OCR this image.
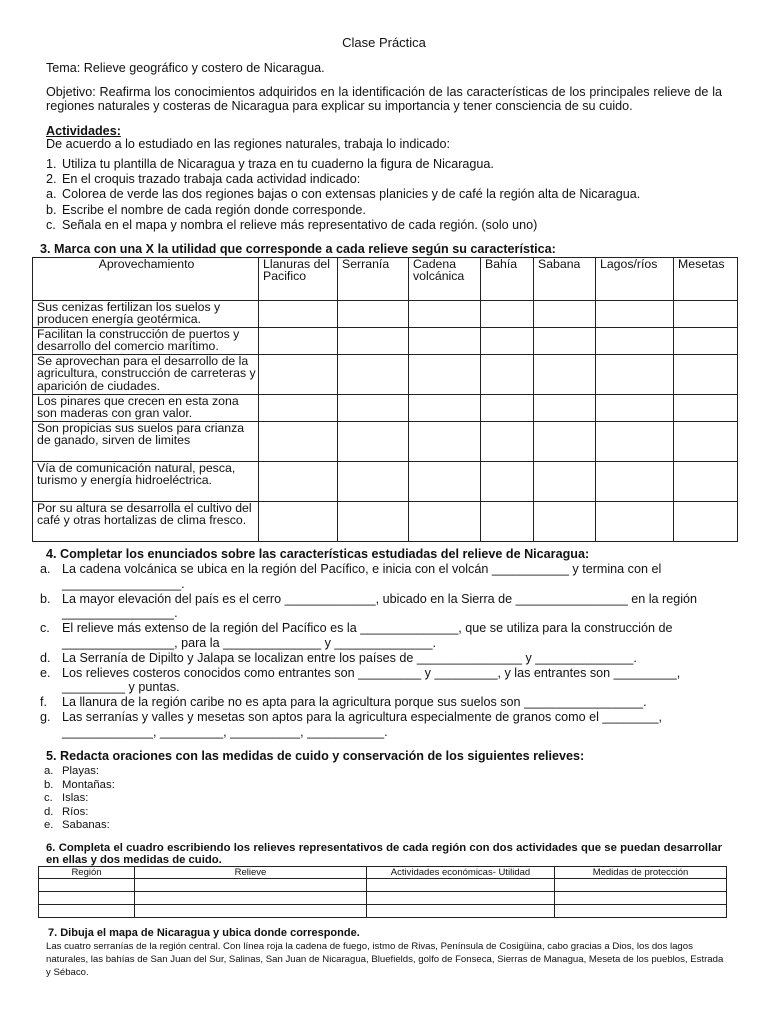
Clase Práctica
Tema: Relieve geográfico y costero de Nicaragua.
Objetivo: Reafirma los conocimientos adquiridos en la identificación de las características de los principales relieve de la regiones naturales y costeras de Nicaragua para explicar su importancia y tener consciencia de su cuido.
Actividades:
De acuerdo a lo estudiado en las regiones naturales, trabaja lo indicado:
1. Utiliza tu plantilla de Nicaragua y traza en tu cuaderno la figura de Nicaragua.
2. En el croquis trazado trabaja cada actividad indicado:
a. Colorea de verde las dos regiones bajas o con extensas planicies y de café la región alta de Nicaragua.
b. Escribe el nombre de cada región donde corresponde.
c. Señala en el mapa y nombra el relieve más representativo de cada región. (solo uno)
3. Marca con una X la utilidad que corresponde a cada relieve según su característica:
Aprovechamiento	Llanuras del Pacifico	Serranía	Cadena volcánica	Bahía	Sabana	Lagos/ríos	Mesetas
Sus cenizas fertilizan los suelos y producen energía geotérmica.							
Facilitan la construcción de puertos y desarrollo del comercio marítimo.							
Se aprovechan para el desarrollo de la agricultura, construcción de carreteras y aparición de ciudades.							
Los pinares que crecen en esta zona son maderas con gran valor.							
Son propicias sus suelos para crianza de ganado, sirven de limites							
Vía de comunicación natural, pesca, turismo y energía hidroeléctrica.							
Por su altura se desarrolla el cultivo del café y otras hortalizas de clima fresco.							
4. Completar los enunciados sobre las características estudiadas del relieve de Nicaragua:
a. La cadena volcánica se ubica en la región del Pacífico, e inicia con el volcán ___________ y termina con el _________________.
b. La mayor elevación del país es el cerro _____________, ubicado en la Sierra de ________________ en la región ________________.
c. El relieve más extenso de la región del Pacífico es la ______________, que se utiliza para la construcción de ________________, para la ______________ y ______________.
d. La Serranía de Dipilto y Jalapa se localizan entre los países de _______________ y ______________.
e. Los relieves costeros conocidos como entrantes son _________ y _________, y las entrantes son _________, _________ y puntas.
f.	La llanura de la región caribe no es apta para la agricultura porque sus suelos son _________________.
g. Las serranías y valles y mesetas son aptos para la agricultura especialmente de granos como el ________, _____________, _________, __________, ___________.
5. Redacta oraciones con las medidas de cuido y conservación de los siguientes relieves:
a. Playas:
b. Montañas:
c. Islas:
d. Ríos:
e. Sabanas:
6. Completa el cuadro escribiendo los relieves representativos de cada región con dos actividades que se puedan desarrollar en ellas y dos medidas de cuido.
Región	Relieve	Actividades económicas- Utilidad	Medidas de protección

7. Dibuja el mapa de Nicaragua y ubica donde corresponde.
Las cuatro serranías de la región central. Con línea roja la cadena de fuego, istmo de Rivas, Península de Cosigüina, cabo gracias a Dios, los dos lagos naturales, las bahías de San Juan del Sur, Salinas, San Juan de Nicaragua, Bluefields, golfo de Fonseca, Sierras de Managua, Meseta de los pueblos, Estrada y Sébaco.
